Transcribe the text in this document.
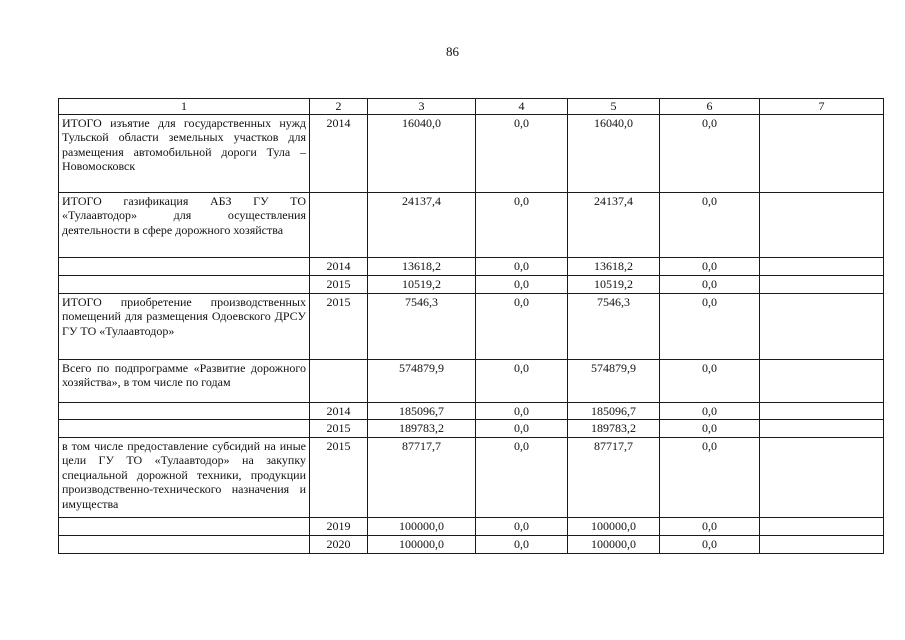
86
1	2	3	4	5	6	7
ИТОГО изъятие для государственных нужд Тульской области земельных участков для размещения автомобильной дороги Тула – Новомосковск	2014	16040,0	0,0	16040,0	0,0	
ИТОГО газификация АБЗ ГУ ТО «Тулаавтодор» для осуществления деятельности в сфере дорожного хозяйства		24137,4	0,0	24137,4	0,0	
	2014	13618,2	0,0	13618,2	0,0	
	2015	10519,2	0,0	10519,2	0,0	
ИТОГО приобретение производственных помещений для размещения Одоевского ДРСУ ГУ ТО «Тулаавтодор»	2015	7546,3	0,0	7546,3	0,0	
Всего по подпрограмме «Развитие дорожного хозяйства», в том числе по годам		574879,9	0,0	574879,9	0,0	
	2014	185096,7	0,0	185096,7	0,0	
	2015	189783,2	0,0	189783,2	0,0	
в том числе предоставление субсидий на иные цели ГУ ТО «Тулаавтодор» на закупку специальной дорожной техники, продукции производственно-технического назначения и имущества	2015	87717,7	0,0	87717,7	0,0	
	2019	100000,0	0,0	100000,0	0,0	
	2020	100000,0	0,0	100000,0	0,0	
